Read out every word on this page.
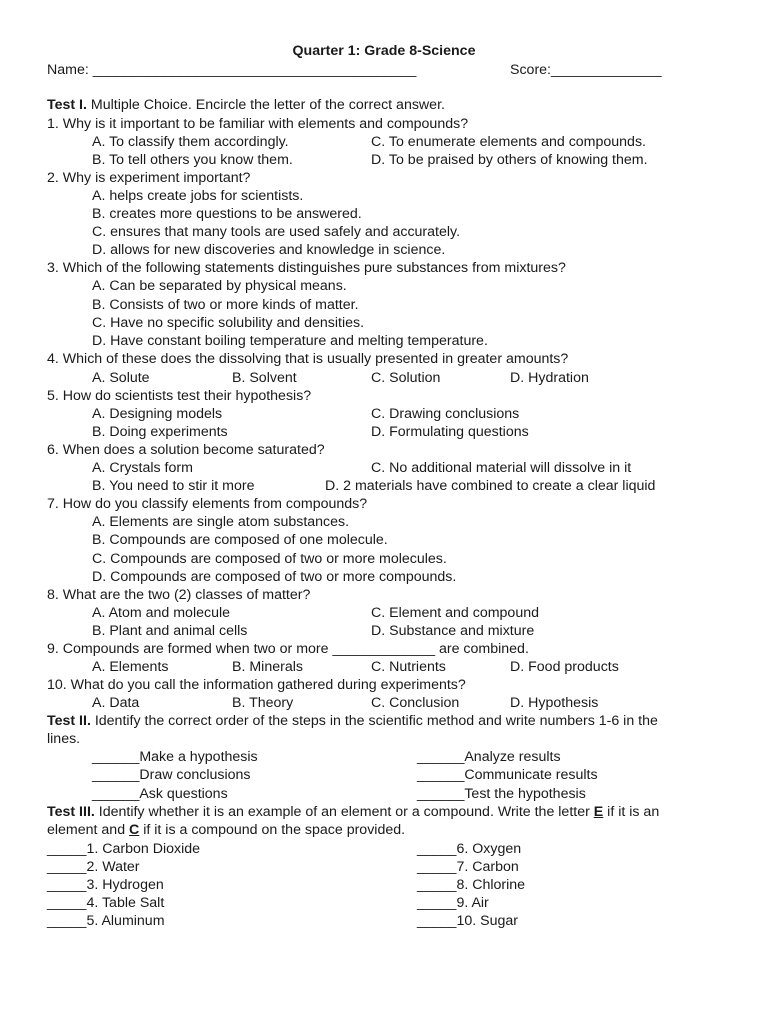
Quarter 1: Grade 8-Science
Name: _________________________________________	Score:______________
Test I. Multiple Choice. Encircle the letter of the correct answer.
1. Why is it important to be familiar with elements and compounds?
A. To classify them accordingly.	C. To enumerate elements and compounds.
B. To tell others you know them.	D. To be praised by others of knowing them.
2. Why is experiment important?
A. helps create jobs for scientists.
B. creates more questions to be answered.
C. ensures that many tools are used safely and accurately.
D. allows for new discoveries and knowledge in science.
3. Which of the following statements distinguishes pure substances from mixtures?
A. Can be separated by physical means.
B. Consists of two or more kinds of matter.
C. Have no specific solubility and densities.
D. Have constant boiling temperature and melting temperature.
4. Which of these does the dissolving that is usually presented in greater amounts?
A. Solute	B. Solvent	C. Solution	D. Hydration
5. How do scientists test their hypothesis?
A. Designing models	C. Drawing conclusions
B. Doing experiments	D. Formulating questions
6. When does a solution become saturated?
A. Crystals form	C. No additional material will dissolve in it
B. You need to stir it more	D. 2 materials have combined to create a clear liquid
7. How do you classify elements from compounds?
A. Elements are single atom substances.
B. Compounds are composed of one molecule.
C. Compounds are composed of two or more molecules.
D. Compounds are composed of two or more compounds.
8. What are the two (2) classes of matter?
A. Atom and molecule	C. Element and compound
B. Plant and animal cells	D. Substance and mixture
9. Compounds are formed when two or more _____________ are combined.
A. Elements	B. Minerals	C. Nutrients	D. Food products
10. What do you call the information gathered during experiments?
A. Data	B. Theory	C. Conclusion	D. Hypothesis
Test II. Identify the correct order of the steps in the scientific method and write numbers 1-6 in the
lines.
______Make a hypothesis	______Analyze results
______Draw conclusions	______Communicate results
______Ask questions	______Test the hypothesis
Test III. Identify whether it is an example of an element or a compound. Write the letter E if it is an
element and C if it is a compound on the space provided.
_____1. Carbon Dioxide	_____6. Oxygen
_____2. Water	_____7. Carbon
_____3. Hydrogen	_____8. Chlorine
_____4. Table Salt	_____9. Air
_____5. Aluminum	_____10. Sugar
